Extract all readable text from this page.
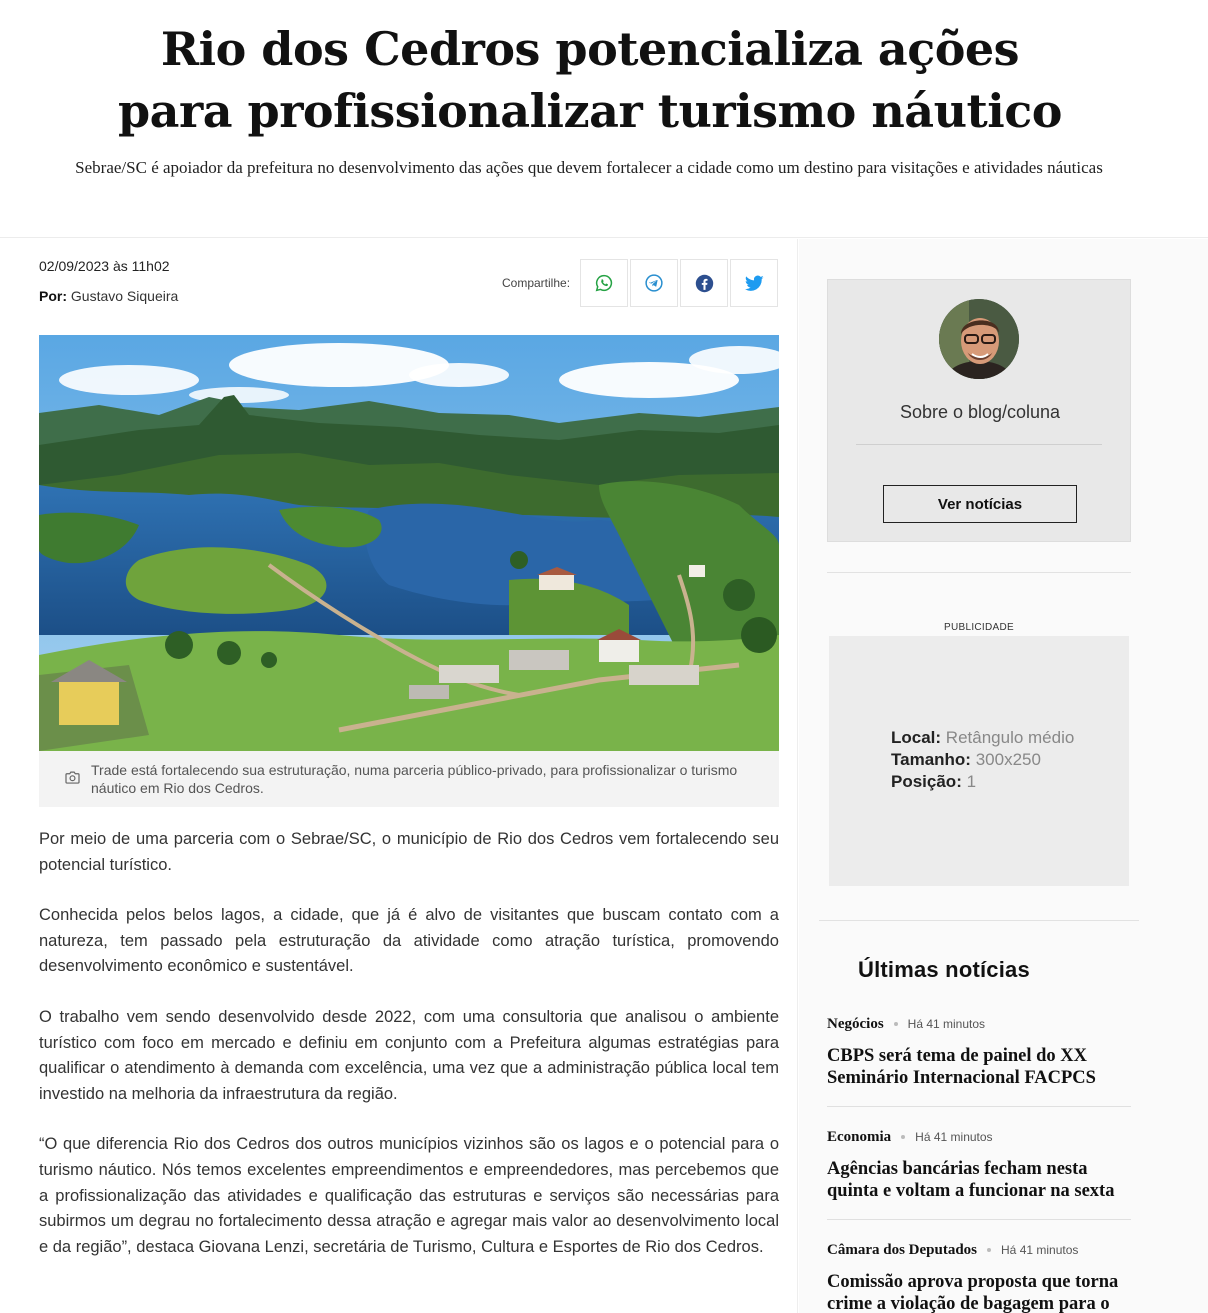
Rio dos Cedros potencializa ações para profissionalizar turismo náutico

Sebrae/SC é apoiador da prefeitura no desenvolvimento das ações que devem fortalecer a cidade como um destino para visitações e atividades náuticas

02/09/2023 às 11h02
Por: Gustavo Siqueira
Compartilhe:
Trade está fortalecendo sua estruturação, numa parceria público-privado, para profissionalizar o turismo náutico em Rio dos Cedros.

Por meio de uma parceria com o Sebrae/SC, o município de Rio dos Cedros vem fortalecendo seu potencial turístico.

Conhecida pelos belos lagos, a cidade, que já é alvo de visitantes que buscam contato com a natureza, tem passado pela estruturação da atividade como atração turística, promovendo desenvolvimento econômico e sustentável.

O trabalho vem sendo desenvolvido desde 2022, com uma consultoria que analisou o ambiente turístico com foco em mercado e definiu em conjunto com a Prefeitura algumas estratégias para qualificar o atendimento à demanda com excelência, uma vez que a administração pública local tem investido na melhoria da infraestrutura da região.

“O que diferencia Rio dos Cedros dos outros municípios vizinhos são os lagos e o potencial para o turismo náutico. Nós temos excelentes empreendimentos e empreendedores, mas percebemos que a profissionalização das atividades e qualificação das estruturas e serviços são necessárias para subirmos um degrau no fortalecimento dessa atração e agregar mais valor ao desenvolvimento local e da região”, destaca Giovana Lenzi, secretária de Turismo, Cultura e Esportes de Rio dos Cedros.

Sobre o blog/coluna
Ver notícias
PUBLICIDADE
Local: Retângulo médio
Tamanho: 300x250
Posição: 1
Últimas notícias
Negócios Há 41 minutos
CBPS será tema de painel do XX Seminário Internacional FACPCS
Economia Há 41 minutos
Agências bancárias fecham nesta quinta e voltam a funcionar na sexta
Câmara dos Deputados Há 41 minutos
Comissão aprova proposta que torna crime a violação de bagagem para o
